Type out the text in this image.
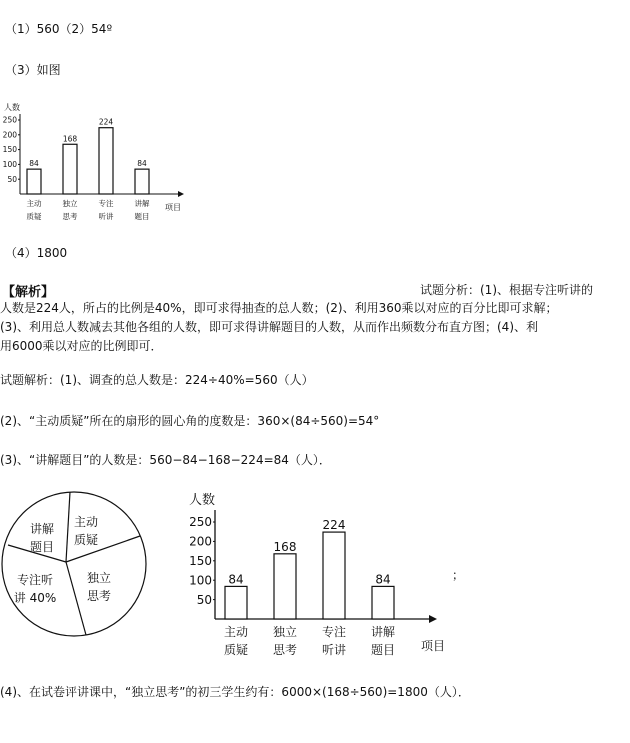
（1）560（2）54º
（3）如图
人数
250
200
150
100
50
84
主动质疑
168
独立思考
224
专注听讲
84
讲解题目
项目
（4）1800
【解析】	试题分析：(1)、根据专注听讲的
人数是224人，所占的比例是40%，即可求得抽查的总人数；(2)、利用360乘以对应的百分比即可求解；
(3)、利用总人数减去其他各组的人数，即可求得讲解题目的人数，从而作出频数分布直方图；(4)、利
用6000乘以对应的比例即可．
试题解析：(1)、调查的总人数是：224÷40%=560（人）
(2)、“主动质疑”所在的扇形的圆心角的度数是：360×(84÷560)=54°
(3)、“讲解题目”的人数是：560−84−168−224=84（人）．
讲解题目
主动质疑
独立思考
专注听讲 40%
人数
250
200
150
100
50
84
主动质疑
168
独立思考
224
专注听讲
84
讲解题目 项目
；
(4)、在试卷评讲课中，“独立思考”的初三学生约有：6000×(168÷560)=1800（人）．
